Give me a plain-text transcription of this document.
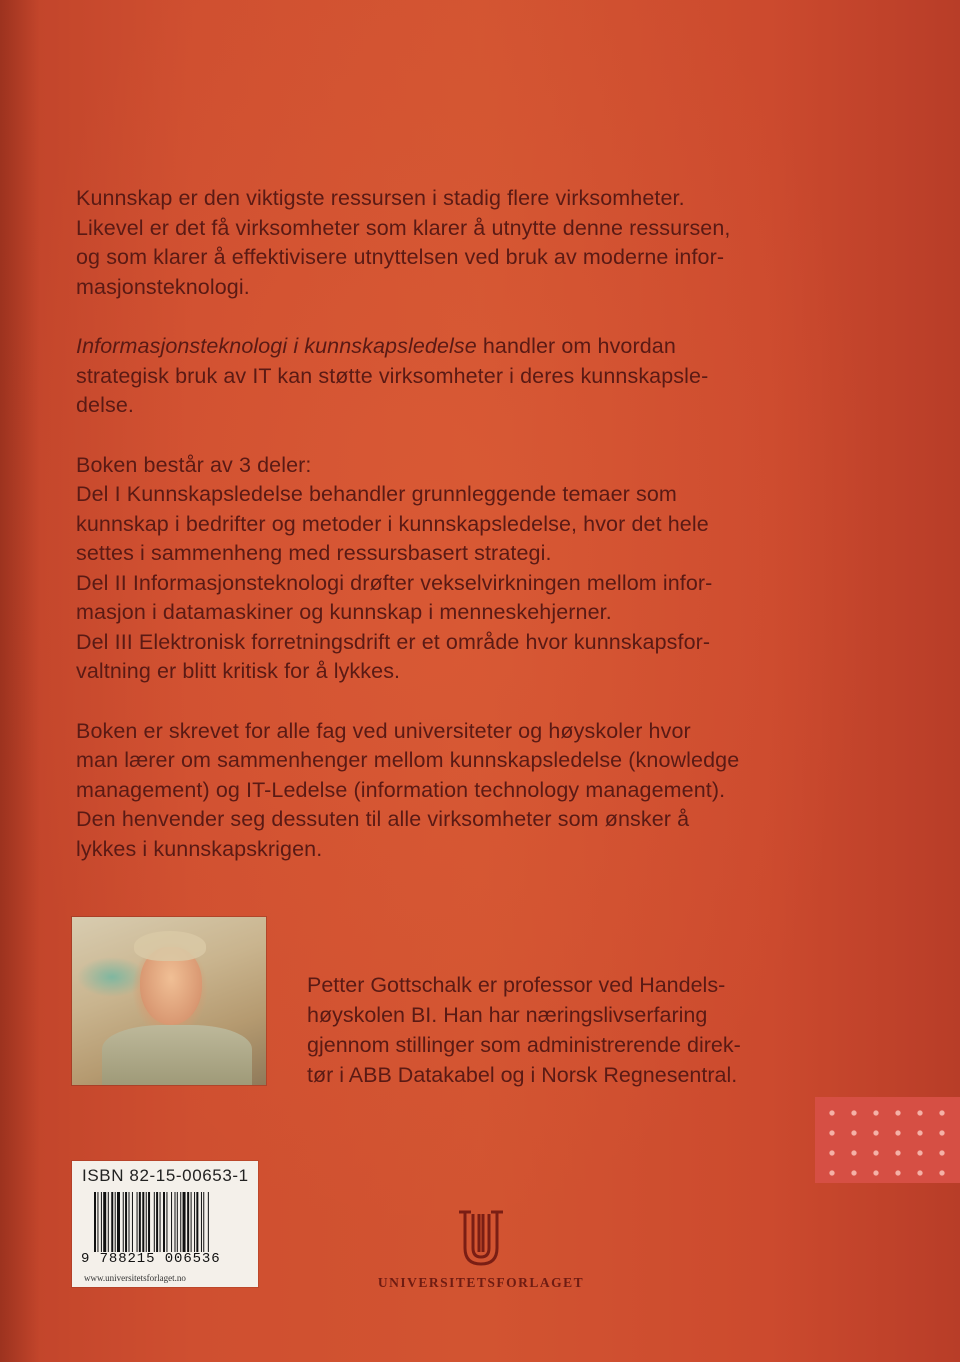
Kunnskap er den viktigste ressursen i stadig flere virksomheter.
Likevel er det få virksomheter som klarer å utnytte denne ressursen,
og som klarer å effektivisere utnyttelsen ved bruk av moderne infor-
masjonsteknologi.

Informasjonsteknologi i kunnskapsledelse handler om hvordan
strategisk bruk av IT kan støtte virksomheter i deres kunnskapsle-
delse.

Boken består av 3 deler:
Del I Kunnskapsledelse behandler grunnleggende temaer som
kunnskap i bedrifter og metoder i kunnskapsledelse, hvor det hele
settes i sammenheng med ressursbasert strategi.
Del II Informasjonsteknologi drøfter vekselvirkningen mellom infor-
masjon i datamaskiner og kunnskap i menneskehjerner.
Del III Elektronisk forretningsdrift er et område hvor kunnskapsfor-
valtning er blitt kritisk for å lykkes.

Boken er skrevet for alle fag ved universiteter og høyskoler hvor
man lærer om sammenhenger mellom kunnskapsledelse (knowledge
management) og IT-Ledelse (information technology management).
Den henvender seg dessuten til alle virksomheter som ønsker å
lykkes i kunnskapskrigen.

Petter Gottschalk er professor ved Handels-
høyskolen BI. Han har næringslivserfaring
gjennom stillinger som administrerende direk-
tør i ABB Datakabel og i Norsk Regnesentral.

ISBN 82-15-00653-1
9 788215 006536
www.universitetsforlaget.no	UNIVERSITETSFORLAGET
